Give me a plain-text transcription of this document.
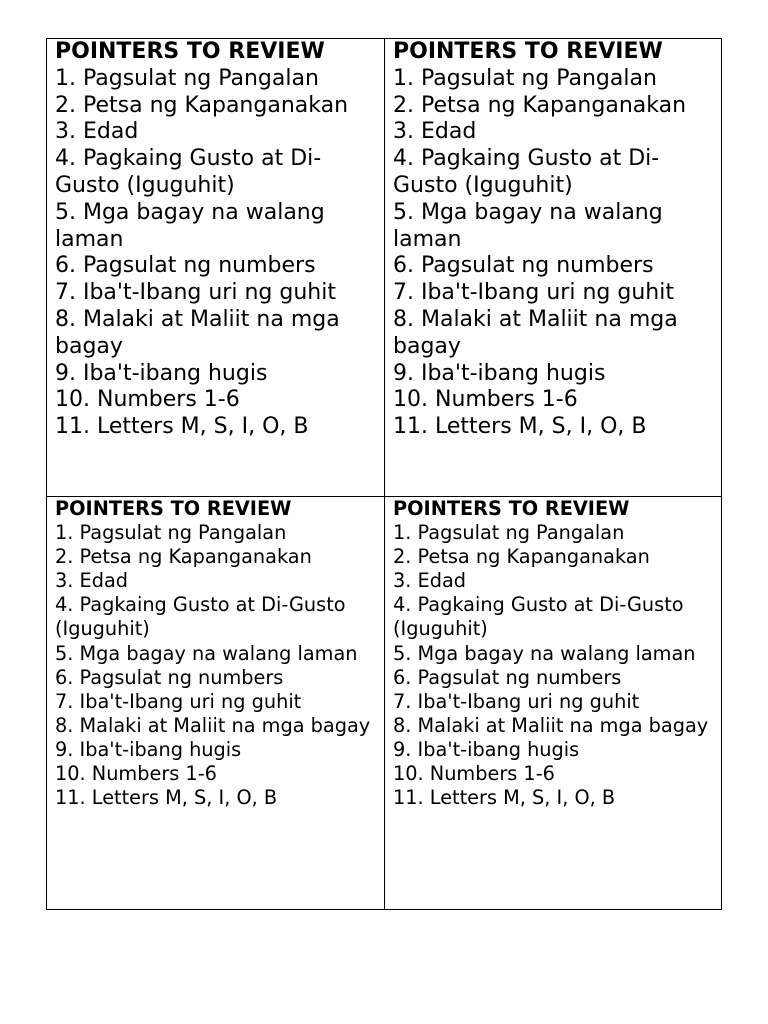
POINTERS TO REVIEW
1. Pagsulat ng Pangalan
2. Petsa ng Kapanganakan
3. Edad
4. Pagkaing Gusto at Di-Gusto (Iguguhit)
5. Mga bagay na walang laman
6. Pagsulat ng numbers
7. Iba't-Ibang uri ng guhit
8. Malaki at Maliit na mga bagay
9. Iba't-ibang hugis
10. Numbers 1-6
11. Letters M, S, I, O, B
POINTERS TO REVIEW
1. Pagsulat ng Pangalan
2. Petsa ng Kapanganakan
3. Edad
4. Pagkaing Gusto at Di-Gusto (Iguguhit)
5. Mga bagay na walang laman
6. Pagsulat ng numbers
7. Iba't-Ibang uri ng guhit
8. Malaki at Maliit na mga bagay
9. Iba't-ibang hugis
10. Numbers 1-6
11. Letters M, S, I, O, B
POINTERS TO REVIEW
1. Pagsulat ng Pangalan
2. Petsa ng Kapanganakan
3. Edad
4. Pagkaing Gusto at Di-Gusto (Iguguhit)
5. Mga bagay na walang laman
6. Pagsulat ng numbers
7. Iba't-Ibang uri ng guhit
8. Malaki at Maliit na mga bagay
9. Iba't-ibang hugis
10. Numbers 1-6
11. Letters M, S, I, O, B
POINTERS TO REVIEW
1. Pagsulat ng Pangalan
2. Petsa ng Kapanganakan
3. Edad
4. Pagkaing Gusto at Di-Gusto (Iguguhit)
5. Mga bagay na walang laman
6. Pagsulat ng numbers
7. Iba't-Ibang uri ng guhit
8. Malaki at Maliit na mga bagay
9. Iba't-ibang hugis
10. Numbers 1-6
11. Letters M, S, I, O, B
